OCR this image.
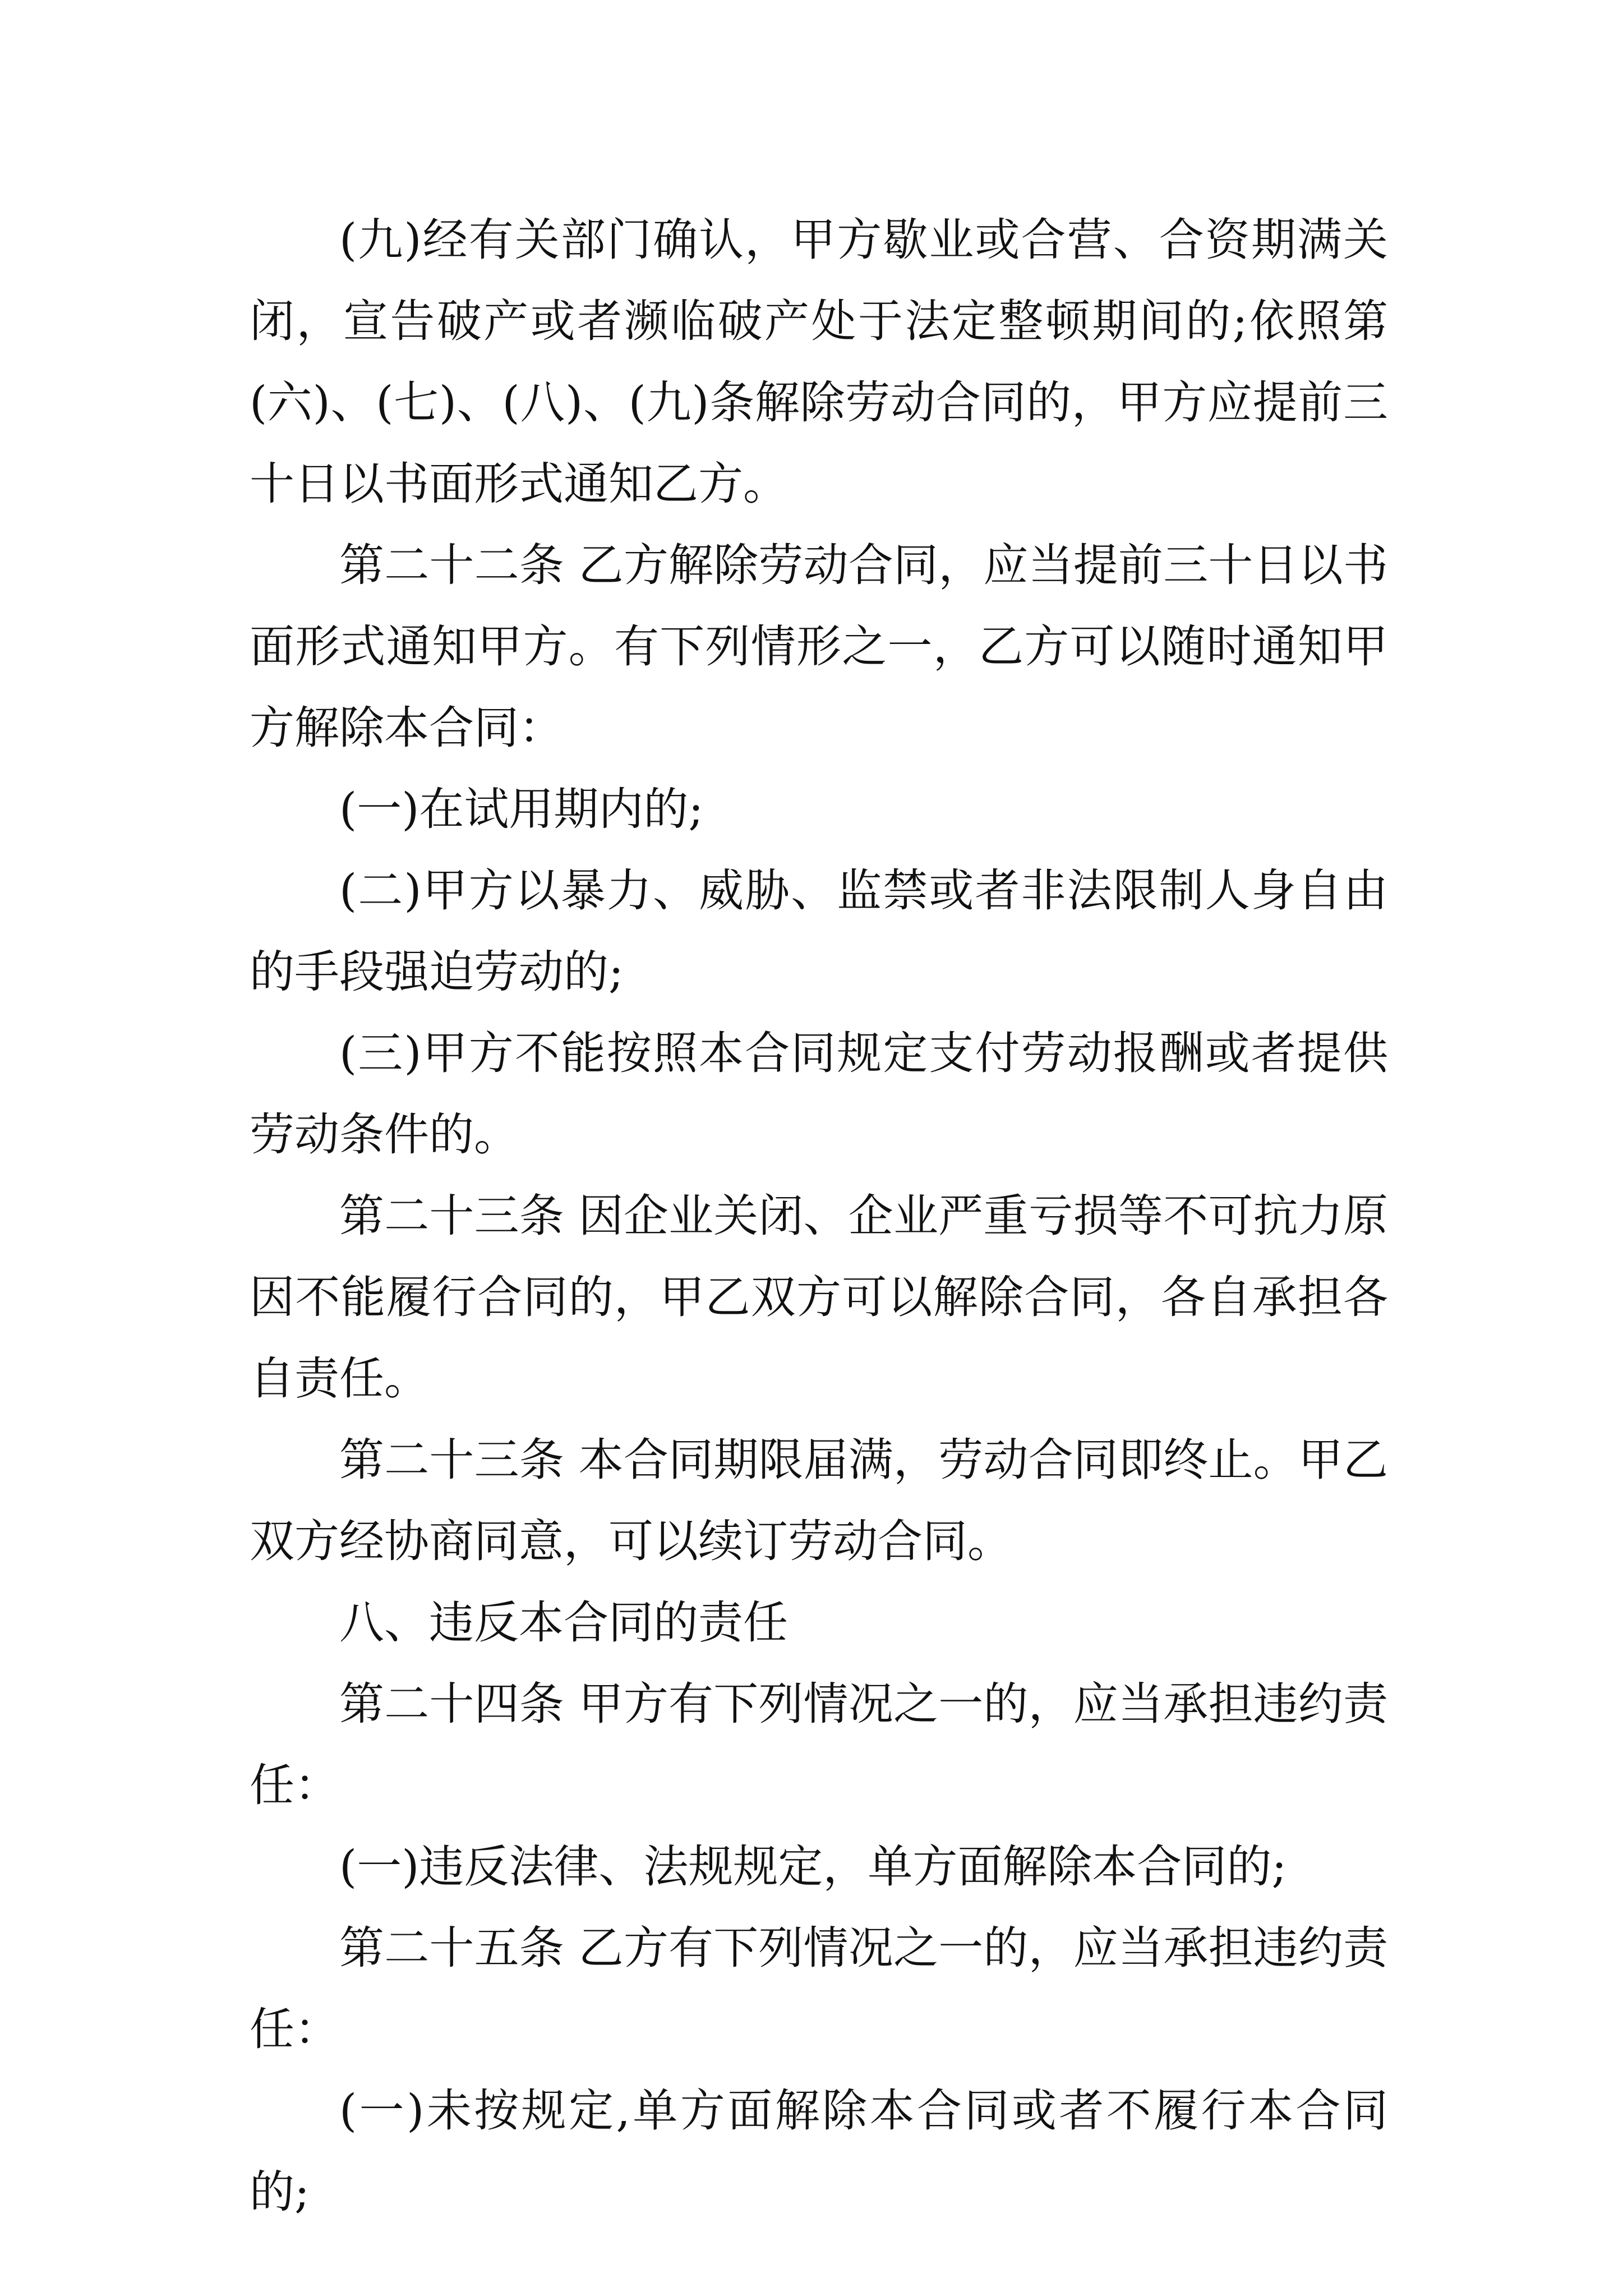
(九)经有关部门确认，甲方歇业或合营、合资期满关闭，宣告破产或者濒临破产处于法定整顿期间的;依照第(六)、(七)、(八)、(九)条解除劳动合同的，甲方应提前三十日以书面形式通知乙方。

第二十二条 乙方解除劳动合同，应当提前三十日以书面形式通知甲方。有下列情形之一，乙方可以随时通知甲方解除本合同：

(一)在试用期内的;

(二)甲方以暴力、威胁、监禁或者非法限制人身自由的手段强迫劳动的;

(三)甲方不能按照本合同规定支付劳动报酬或者提供劳动条件的。

第二十三条 因企业关闭、企业严重亏损等不可抗力原因不能履行合同的，甲乙双方可以解除合同，各自承担各自责任。

第二十三条 本合同期限届满，劳动合同即终止。甲乙双方经协商同意，可以续订劳动合同。

八、违反本合同的责任

第二十四条 甲方有下列情况之一的，应当承担违约责任：

(一)违反法律、法规规定，单方面解除本合同的;

第二十五条 乙方有下列情况之一的，应当承担违约责任：

(一)未按规定,单方面解除本合同或者不履行本合同的;
